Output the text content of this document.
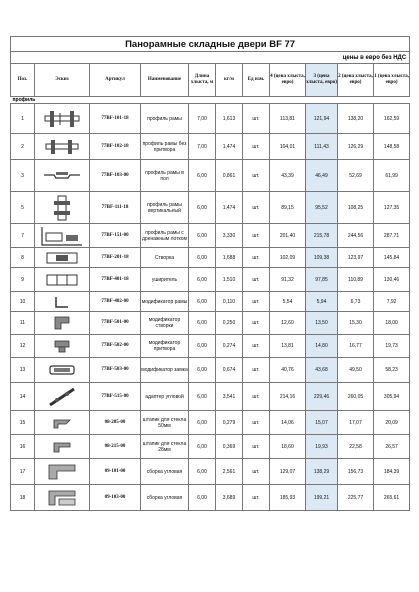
Панорамные складные двери BF 77										
цены в евро без НДС										
Поз.	Эскиз	Артикул	Наименование	Длина хлыста, м	кг/м	Ед изм.	4 (цена хлыста, евро)	3 (цена хлыста, евро)	2 (цена хлыста, евро)	1 (цена хлыста, евро)
профиль										
1		77BF-101-18	профиль рамы	7,00	1,613	шт.	113,81	121,94	138,20	162,59
2		77BF-102-18	профиль рамы без притвора	7,00	1,474	шт.	104,01	111,43	126,29	148,58
3		77BF-103-00	профиль рамы в пол	6,00	0,861	шт.	43,39	46,49	52,69	61,99
5		77BF-111-18	профиль рамы вертикальный	6,00	1,474	шт.	89,15	95,52	108,25	127,35
7		77BF-151-00	профиль рамы с дренажным лотком	6,00	3,330	шт.	201,40	215,78	244,56	287,71
8		77BF-201-18	Створка	6,00	1,688	шт.	102,09	109,38	123,97	145,84
9		77BF-401-18	уширитель	6,00	1,510	шт.	91,32	97,85	110,89	130,46
10		77BF-402-00	модификатор рамы	6,00	0,110	шт.	5,54	5,94	6,73	7,92
11		77BF-501-00	модификатор створки	6,00	0,250	шт.	12,60	13,50	15,30	18,00
12		77BF-502-00	модификатор притвора	6,00	0,274	шт.	13,81	14,80	16,77	19,73
13		77BF-503-00	модификатор замка	6,00	0,674	шт.	40,76	43,68	49,50	58,23
14		77BF-515-00	адаптер угловой	6,00	3,541	шт.	214,16	229,46	260,05	305,94
15		08-205-00	штапик для стекла 50мм	6,00	0,279	шт.	14,06	15,07	17,07	20,09
16		08-215-00	штапик для стекла 28мм	6,00	0,369	шт.	18,60	19,93	22,58	26,57
17		09-101-00	сборка угловая	6,00	2,561	шт.	129,07	138,29	156,73	184,39
18		09-103-00	сборка угловая	6,00	3,689	шт.	185,93	199,21	225,77	265,61
